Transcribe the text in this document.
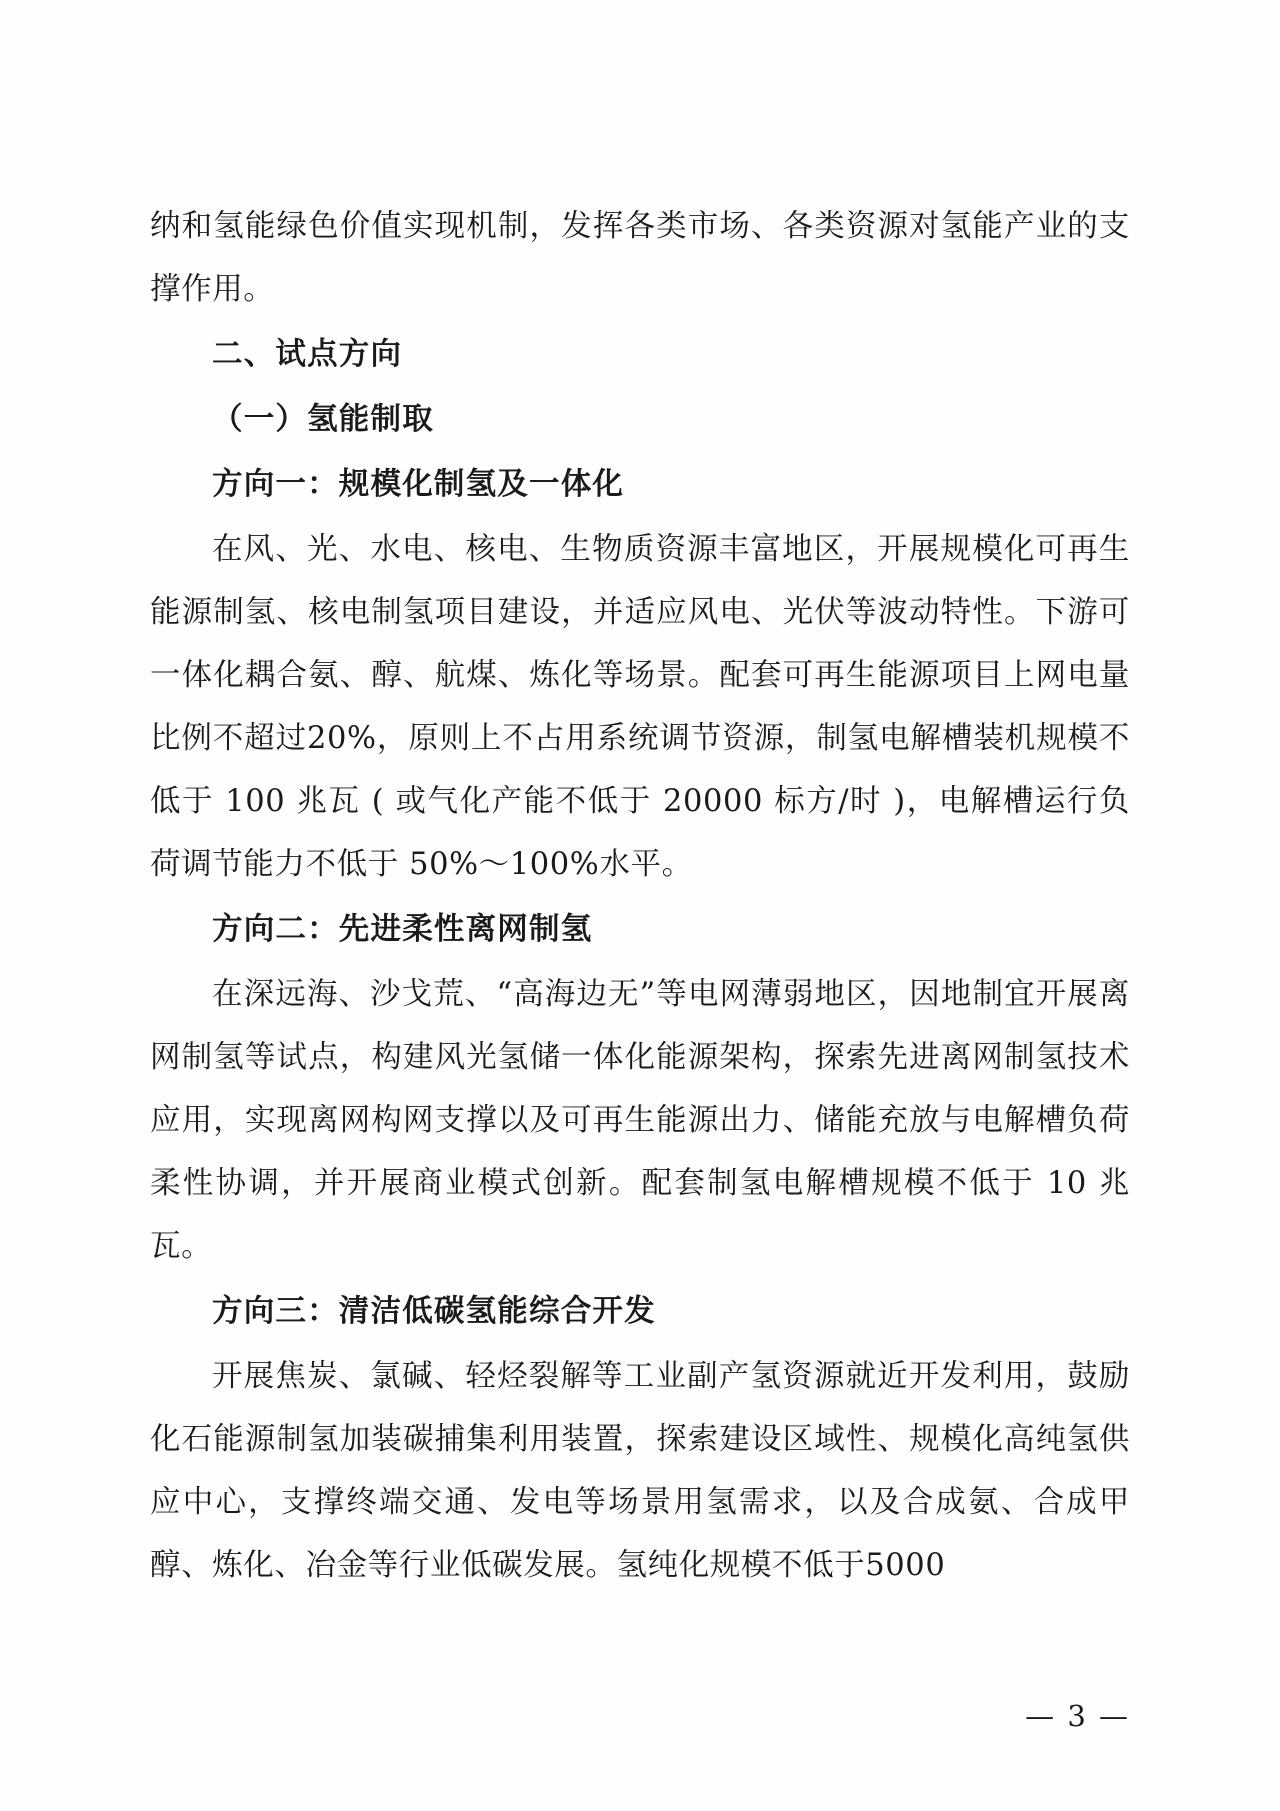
纳和氢能绿色价值实现机制，发挥各类市场、各类资源对氢能产业的支撑作用。

二、试点方向

（一）氢能制取

方向一：规模化制氢及一体化

在风、光、水电、核电、生物质资源丰富地区，开展规模化可再生能源制氢、核电制氢项目建设，并适应风电、光伏等波动特性。下游可一体化耦合氨、醇、航煤、炼化等场景。配套可再生能源项目上网电量比例不超过20%，原则上不占用系统调节资源，制氢电解槽装机规模不低于 100 兆瓦 ( 或气化产能不低于 20000 标方/时 )，电解槽运行负荷调节能力不低于 50%～100%水平。

方向二：先进柔性离网制氢

在深远海、沙戈荒、“高海边无”等电网薄弱地区，因地制宜开展离网制氢等试点，构建风光氢储一体化能源架构，探索先进离网制氢技术应用，实现离网构网支撑以及可再生能源出力、储能充放与电解槽负荷柔性协调，并开展商业模式创新。配套制氢电解槽规模不低于 10 兆瓦。

方向三：清洁低碳氢能综合开发

开展焦炭、氯碱、轻烃裂解等工业副产氢资源就近开发利用，鼓励化石能源制氢加装碳捕集利用装置，探索建设区域性、规模化高纯氢供应中心，支撑终端交通、发电等场景用氢需求，以及合成氨、合成甲醇、炼化、冶金等行业低碳发展。氢纯化规模不低于5000

— 3 —
